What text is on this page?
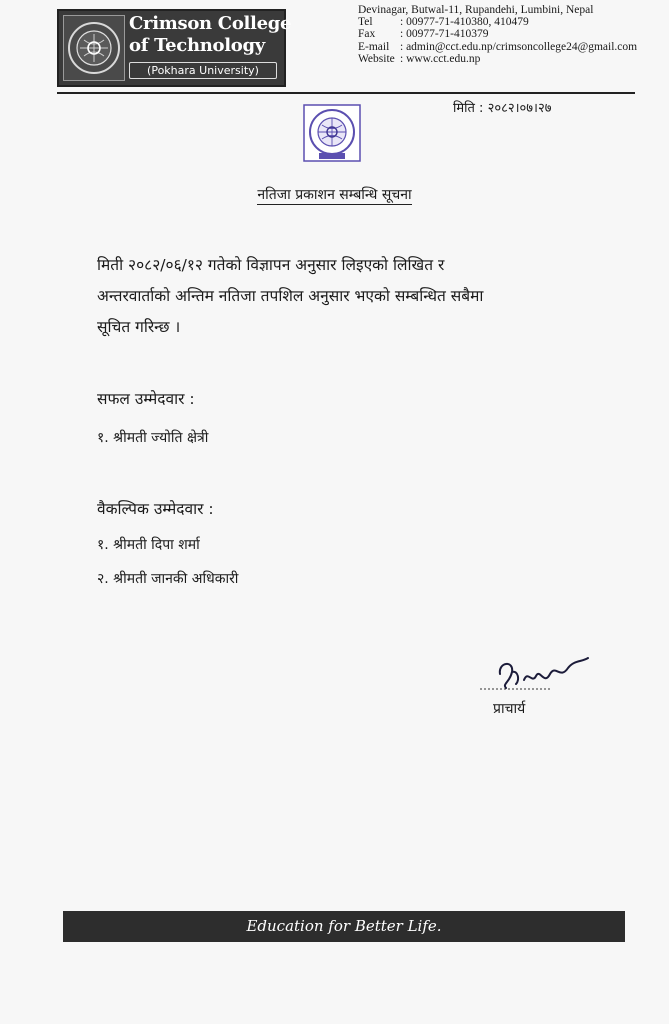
Crimson College
of Technology
(Pokhara University)
Devinagar, Butwal-11, Rupandehi, Lumbini, Nepal
Tel : 00977-71-410380, 410479
Fax : 00977-71-410379
E-mail : admin@cct.edu.np/crimsoncollege24@gmail.com
Website : www.cct.edu.np
मिति : २०८२।०७।२७
नतिजा प्रकाशन सम्बन्धि सूचना
मिती २०८२/०६/१२ गतेको विज्ञापन अनुसार लिइएको लिखित र
अन्तरवार्ताको अन्तिम नतिजा तपशिल अनुसार भएको सम्बन्धित सबैमा
सूचित गरिन्छ ।
सफल उम्मेदवार :
१. श्रीमती ज्योति क्षेत्री
वैकल्पिक उम्मेदवार :
१. श्रीमती दिपा शर्मा
२. श्रीमती जानकी अधिकारी
प्राचार्य
Education for Better Life.
